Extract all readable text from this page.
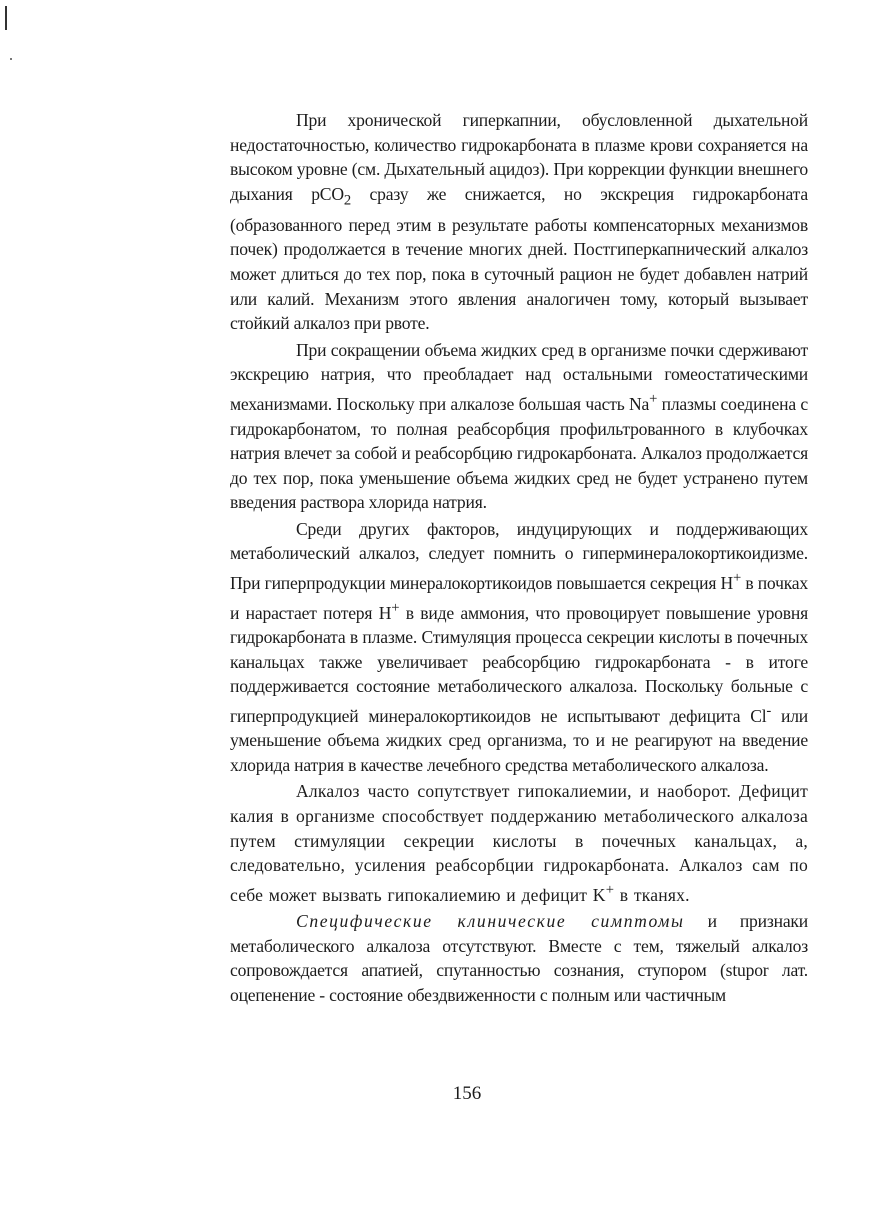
При хронической гиперкапнии, обусловленной дыхательной недостаточностью, количество гидрокарбоната в плазме крови сохраняется на высоком уровне (см. Дыхательный ацидоз). При коррекции функции внешнего дыхания pCO$_2$ сразу же снижается, но экскреция гидрокарбоната (образованного перед этим в результате работы компенсаторных механизмов почек) продолжается в течение многих дней. Постгиперкапнический алкалоз может длиться до тех пор, пока в суточный рацион не будет добавлен натрий или калий. Механизм этого явления аналогичен тому, который вызывает стойкий алкалоз при рвоте.

При сокращении объема жидких сред в организме почки сдерживают экскрецию натрия, что преобладает над остальными гомеостатическими механизмами. Поскольку при алкалозе большая часть Na+ плазмы соединена с гидрокарбонатом, то полная реабсорбция профильтрованного в клубочках натрия влечет за собой и реабсорбцию гидрокарбоната. Алкалоз продолжается до тех пор, пока уменьшение объема жидких сред не будет устранено путем введения раствора хлорида натрия.

Среди других факторов, индуцирующих и поддерживающих метаболический алкалоз, следует помнить о гиперминералокортикоидизме. При гиперпродукции минералокортикоидов повышается секреция H+ в почках и нарастает потеря H+ в виде аммония, что провоцирует повышение уровня гидрокарбоната в плазме. Стимуляция процесса секреции кислоты в почечных канальцах также увеличивает реабсорбцию гидрокарбоната - в итоге поддерживается состояние метаболического алкалоза. Поскольку больные с гиперпродукцией минералокортикоидов не испытывают дефицита Cl- или уменьшение объема жидких сред организма, то и не реагируют на введение хлорида натрия в качестве лечебного средства метаболического алкалоза.

Алкалоз часто сопутствует гипокалиемии, и наоборот. Дефицит калия в организме способствует поддержанию метаболического алкалоза путем стимуляции секреции кислоты в почечных канальцах, а, следовательно, усиления реабсорбции гидрокарбоната. Алкалоз сам по себе может вызвать гипокалиемию и дефицит K+ в тканях.

Специфические клинические симптомы и признаки метаболического алкалоза отсутствуют. Вместе с тем, тяжелый алкалоз сопровождается апатией, спутанностью сознания, ступором (stupor лат. оцепенение - состояние обездвиженности с полным или частичным

156
